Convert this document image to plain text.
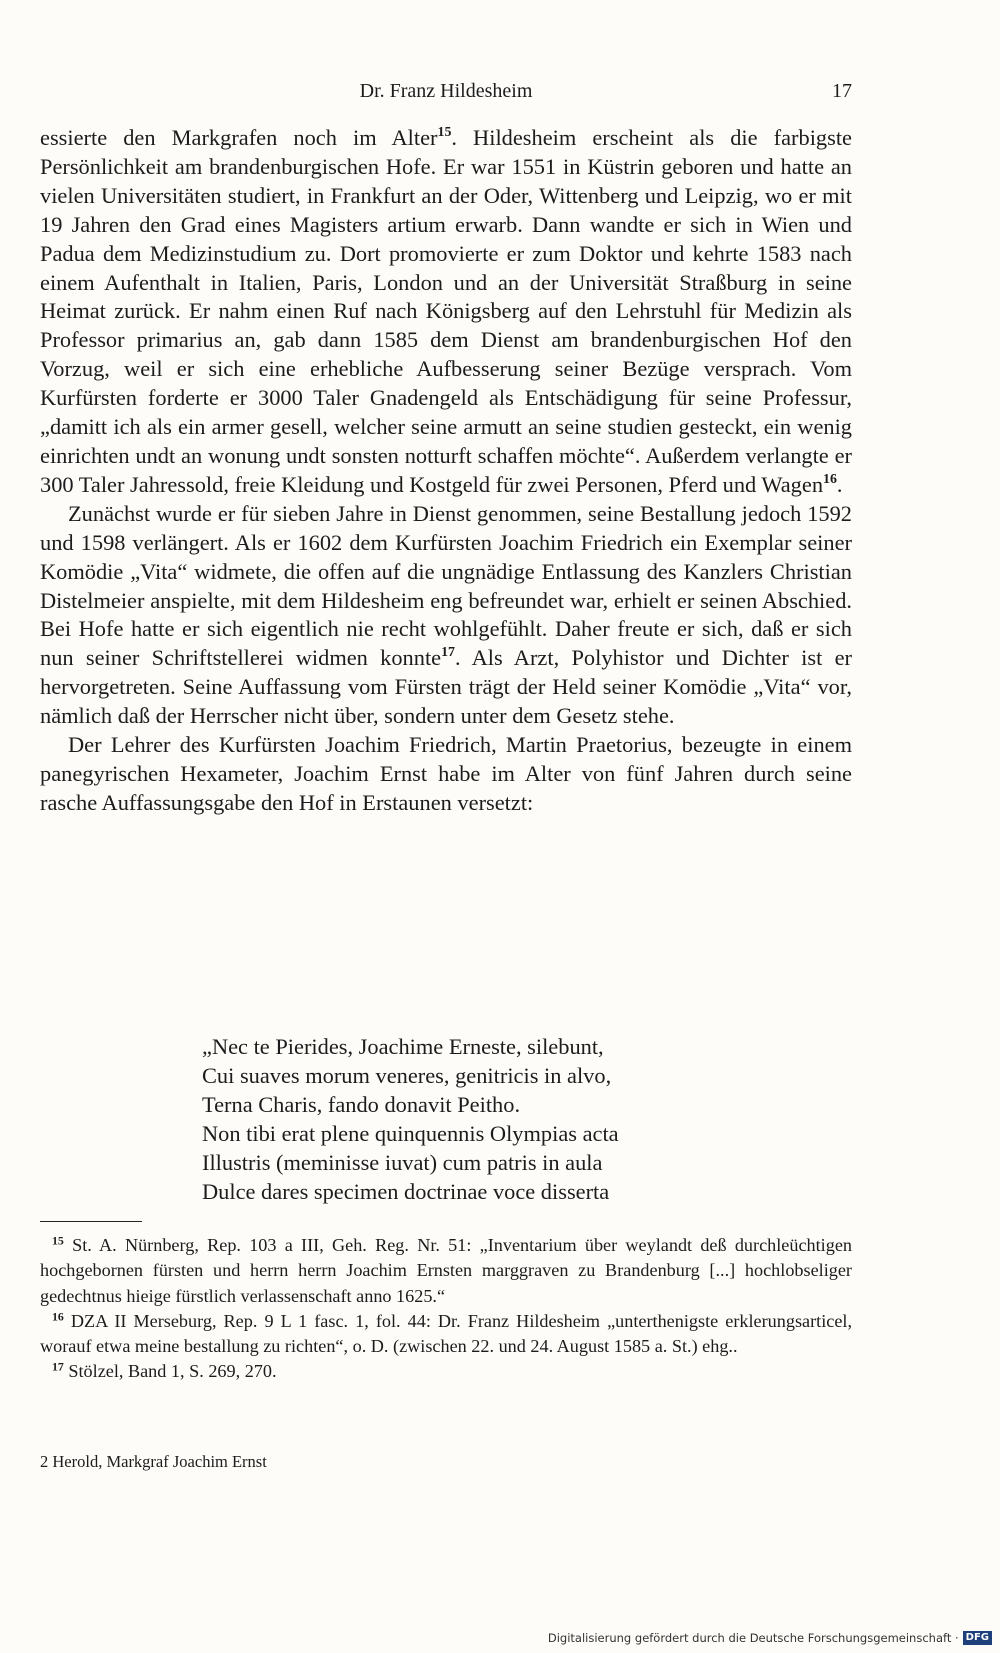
Dr. Franz Hildesheim	17

essierte den Markgrafen noch im Alter$^{15}$. Hildesheim erscheint als die farbigste Persönlichkeit am brandenburgischen Hofe. Er war 1551 in Küstrin geboren und hatte an vielen Universitäten studiert, in Frankfurt an der Oder, Wittenberg und Leipzig, wo er mit 19 Jahren den Grad eines Magisters artium erwarb. Dann wandte er sich in Wien und Padua dem Medizinstudium zu. Dort promovierte er zum Doktor und kehrte 1583 nach einem Aufenthalt in Italien, Paris, London und an der Universität Straßburg in seine Heimat zurück. Er nahm einen Ruf nach Königsberg auf den Lehrstuhl für Medizin als Professor primarius an, gab dann 1585 dem Dienst am brandenburgischen Hof den Vorzug, weil er sich eine erhebliche Aufbesserung seiner Bezüge versprach. Vom Kurfürsten forderte er 3000 Taler Gnadengeld als Entschädigung für seine Professur, „damitt ich als ein armer gesell, welcher seine armutt an seine studien gesteckt, ein wenig einrichten undt an wonung undt sonsten notturft schaffen möchte“. Außerdem verlangte er 300 Taler Jahressold, freie Kleidung und Kostgeld für zwei Personen, Pferd und Wagen$^{16}$.

Zunächst wurde er für sieben Jahre in Dienst genommen, seine Bestallung jedoch 1592 und 1598 verlängert. Als er 1602 dem Kurfürsten Joachim Friedrich ein Exemplar seiner Komödie „Vita“ widmete, die offen auf die ungnädige Entlassung des Kanzlers Christian Distelmeier anspielte, mit dem Hildesheim eng befreundet war, erhielt er seinen Abschied. Bei Hofe hatte er sich eigentlich nie recht wohlgefühlt. Daher freute er sich, daß er sich nun seiner Schriftstellerei widmen konnte$^{17}$. Als Arzt, Polyhistor und Dichter ist er hervorgetreten. Seine Auffassung vom Fürsten trägt der Held seiner Komödie „Vita“ vor, nämlich daß der Herrscher nicht über, sondern unter dem Gesetz stehe.

Der Lehrer des Kurfürsten Joachim Friedrich, Martin Praetorius, bezeugte in einem panegyrischen Hexameter, Joachim Ernst habe im Alter von fünf Jahren durch seine rasche Auffassungsgabe den Hof in Erstaunen versetzt:

„Nec te Pierides, Joachime Erneste, silebunt,
Cui suaves morum veneres, genitricis in alvo,
Terna Charis, fando donavit Peitho.
Non tibi erat plene quinquennis Olympias acta
Illustris (meminisse iuvat) cum patris in aula
Dulce dares specimen doctrinae voce disserta

$^{15}$ St. A. Nürnberg, Rep. 103 a III, Geh. Reg. Nr. 51: „Inventarium über weylandt deß durchleüchtigen hochgebornen fürsten und herrn herrn Joachim Ernsten marggraven zu Brandenburg [...] hochlobseliger gedechtnus hieige fürstlich verlassenschaft anno 1625.“

$^{16}$ DZA II Merseburg, Rep. 9 L 1 fasc. 1, fol. 44: Dr. Franz Hildesheim „unterthenigste erklerungsarticel, worauf etwa meine bestallung zu richten“, o. D. (zwischen 22. und 24. August 1585 a. St.) ehg..

$^{17}$ Stölzel, Band 1, S. 269, 270.

2 Herold, Markgraf Joachim Ernst
Digitalisierung gefördert durch die Deutsche Forschungsgemeinschaft · DFG
